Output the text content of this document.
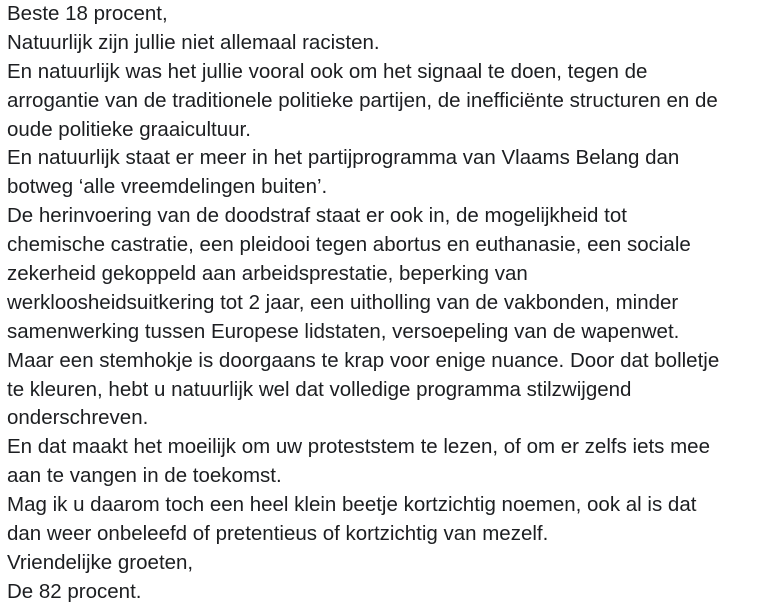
Beste 18 procent,
Natuurlijk zijn jullie niet allemaal racisten.
En natuurlijk was het jullie vooral ook om het signaal te doen, tegen de
arrogantie van de traditionele politieke partijen, de inefficiënte structuren en de
oude politieke graaicultuur.
En natuurlijk staat er meer in het partijprogramma van Vlaams Belang dan
botweg ‘alle vreemdelingen buiten’.
De herinvoering van de doodstraf staat er ook in, de mogelijkheid tot
chemische castratie, een pleidooi tegen abortus en euthanasie, een sociale
zekerheid gekoppeld aan arbeidsprestatie, beperking van
werkloosheidsuitkering tot 2 jaar, een uitholling van de vakbonden, minder
samenwerking tussen Europese lidstaten, versoepeling van de wapenwet.
Maar een stemhokje is doorgaans te krap voor enige nuance. Door dat bolletje
te kleuren, hebt u natuurlijk wel dat volledige programma stilzwijgend
onderschreven.
En dat maakt het moeilijk om uw proteststem te lezen, of om er zelfs iets mee
aan te vangen in de toekomst.
Mag ik u daarom toch een heel klein beetje kortzichtig noemen, ook al is dat
dan weer onbeleefd of pretentieus of kortzichtig van mezelf.
Vriendelijke groeten,
De 82 procent.
